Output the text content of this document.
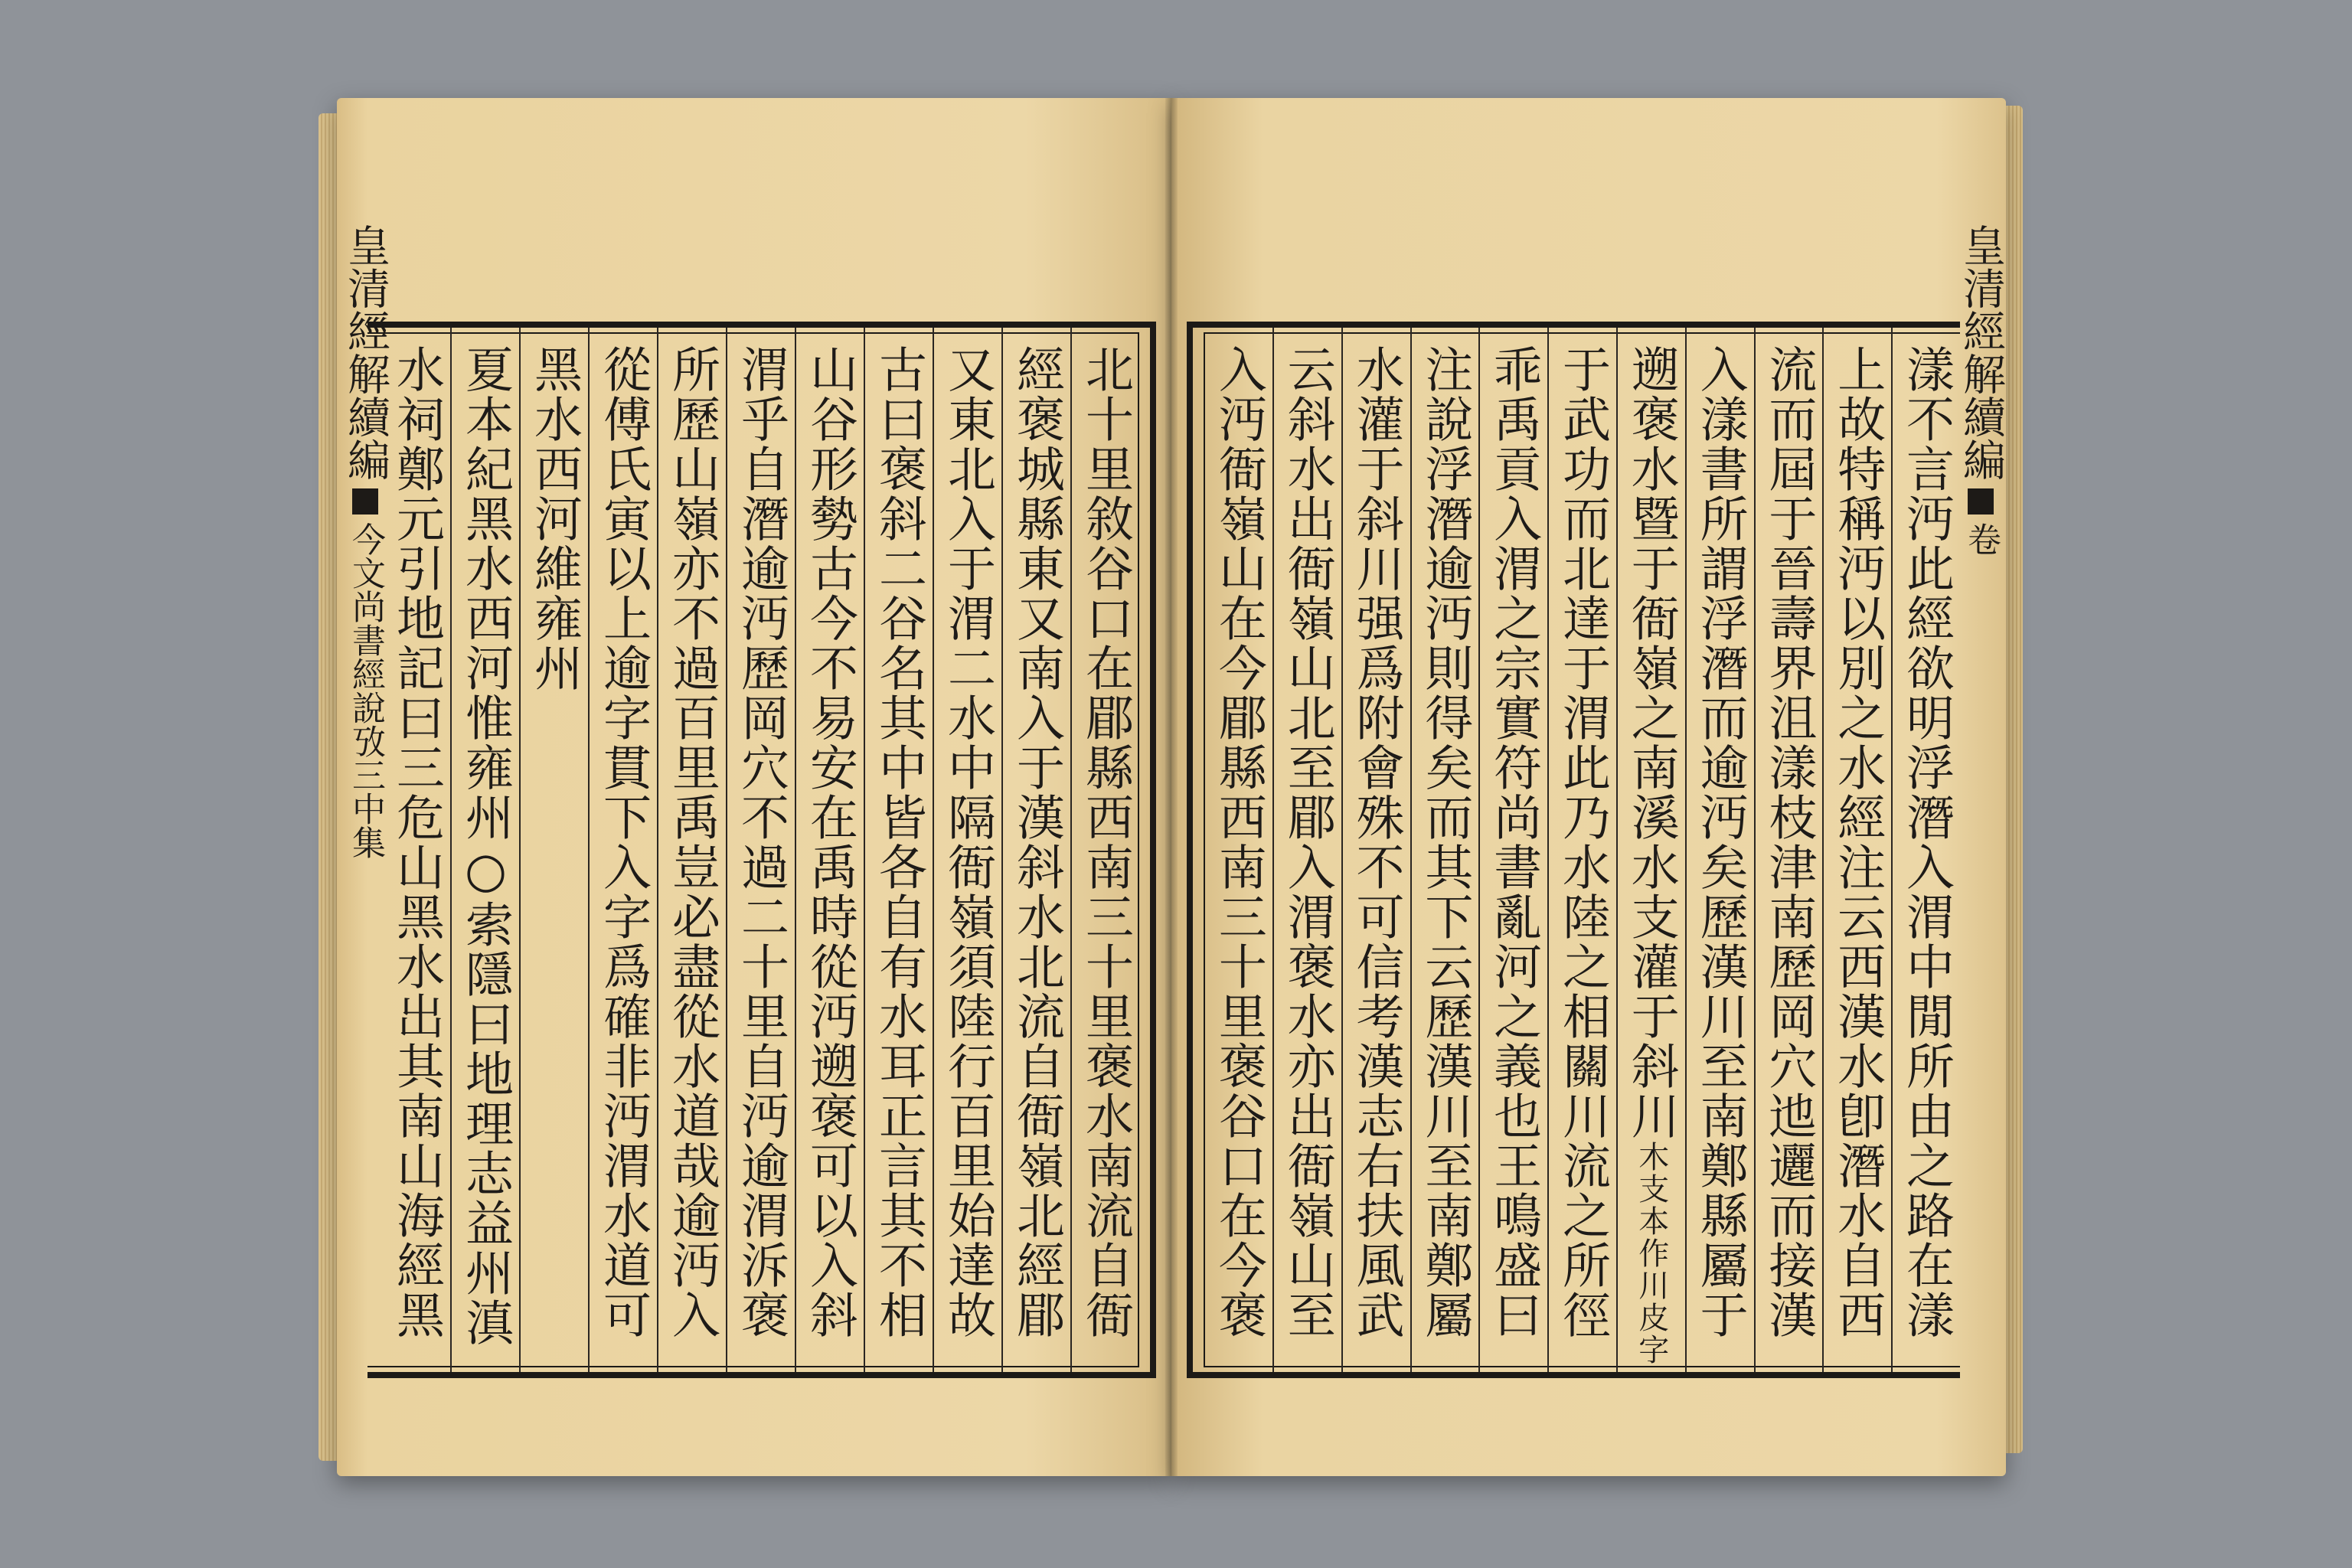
漾不言沔此經欲明浮潛入渭中閒所由之路在漾
上故特稱沔以別之水經注云西漢水卽潛水自西
流而屆于晉壽界沮漾枝津南歷岡穴迆邐而接漢
入漾書所謂浮潛而逾沔矣歷漢川至南鄭縣屬于
遡褒水暨于衙嶺之南溪水支灌于斜川木支本作川皮字
于武功而北達于渭此乃水陸之相關川流之所徑
乖禹貢入渭之宗實符尚書亂河之義也王鳴盛曰
注說浮潛逾沔則得矣而其下云歷漢川至南鄭屬
水灌于斜川强爲附會殊不可信考漢志右扶風武
云斜水出衙嶺山北至郿入渭褒水亦出衙嶺山至
入沔衙嶺山在今郿縣西南三十里褒谷口在今褒
北十里敘谷口在郿縣西南三十里褒水南流自衙
經褒城縣東又南入于漢斜水北流自衙嶺北經郿
又東北入于渭二水中隔衙嶺須陸行百里始達故
古曰褒斜二谷名其中皆各自有水耳正言其不相
山谷形勢古今不易安在禹時從沔遡褒可以入斜
渭乎自潛逾沔歷岡穴不過二十里自沔逾渭泝褒
所歷山嶺亦不過百里禹豈必盡從水道哉逾沔入
從傅氏寅以上逾字貫下入字爲確非沔渭水道可
黑水西河維雍州
夏本紀黑水西河惟雍州○索隱曰地理志益州滇
水祠鄭元引地記曰三危山黑水出其南山海經黑
皇清經解續編卷
皇清經解續編今文尚書經說攷三中集
